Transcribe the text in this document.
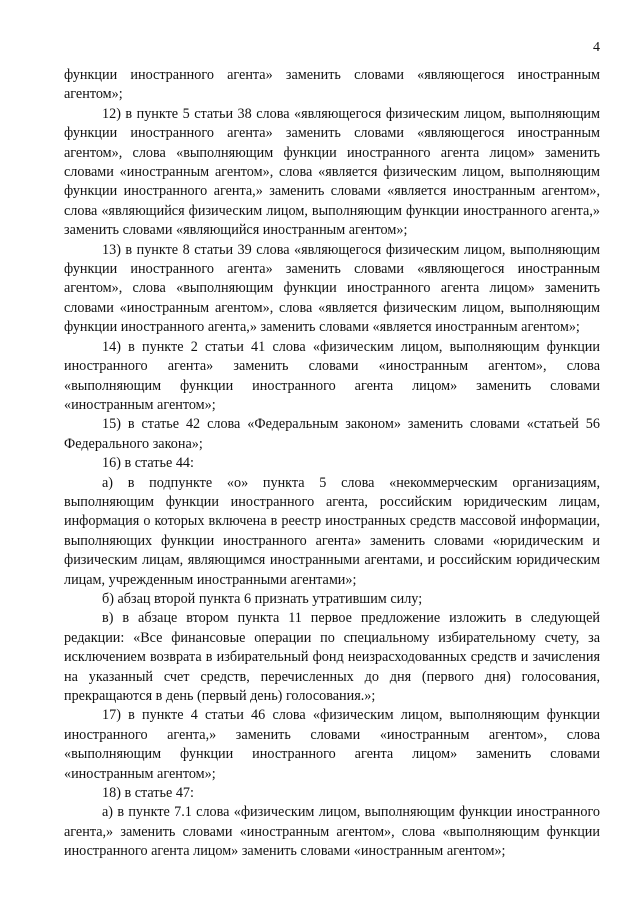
4

функции иностранного агента» заменить словами «являющегося иностранным агентом»;

12) в пункте 5 статьи 38 слова «являющегося физическим лицом, выполняющим функции иностранного агента» заменить словами «являющегося иностранным агентом», слова «выполняющим функции иностранного агента лицом» заменить словами «иностранным агентом», слова «является физическим лицом, выполняющим функции иностранного агента,» заменить словами «является иностранным агентом», слова «являющийся физическим лицом, выполняющим функции иностранного агента,» заменить словами «являющийся иностранным агентом»;

13) в пункте 8 статьи 39 слова «являющегося физическим лицом, выполняющим функции иностранного агента» заменить словами «являющегося иностранным агентом», слова «выполняющим функции иностранного агента лицом» заменить словами «иностранным агентом», слова «является физическим лицом, выполняющим функции иностранного агента,» заменить словами «является иностранным агентом»;

14) в пункте 2 статьи 41 слова «физическим лицом, выполняющим функции иностранного агента» заменить словами «иностранным агентом», слова «выполняющим функции иностранного агента лицом» заменить словами «иностранным агентом»;

15) в статье 42 слова «Федеральным законом» заменить словами «статьей 56 Федерального закона»;

16) в статье 44:

а) в подпункте «о» пункта 5 слова «некоммерческим организациям, выполняющим функции иностранного агента, российским юридическим лицам, информация о которых включена в реестр иностранных средств массовой информации, выполняющих функции иностранного агента» заменить словами «юридическим и физическим лицам, являющимся иностранными агентами, и российским юридическим лицам, учрежденным иностранными агентами»;

б) абзац второй пункта 6 признать утратившим силу;

в) в абзаце втором пункта 11 первое предложение изложить в следующей редакции: «Все финансовые операции по специальному избирательному счету, за исключением возврата в избирательный фонд неизрасходованных средств и зачисления на указанный счет средств, перечисленных до дня (первого дня) голосования, прекращаются в день (первый день) голосования.»;

17) в пункте 4 статьи 46 слова «физическим лицом, выполняющим функции иностранного агента,» заменить словами «иностранным агентом», слова «выполняющим функции иностранного агента лицом» заменить словами «иностранным агентом»;

18) в статье 47:

а) в пункте 7.1 слова «физическим лицом, выполняющим функции иностранного агента,» заменить словами «иностранным агентом», слова «выполняющим функции иностранного агента лицом» заменить словами «иностранным агентом»;
